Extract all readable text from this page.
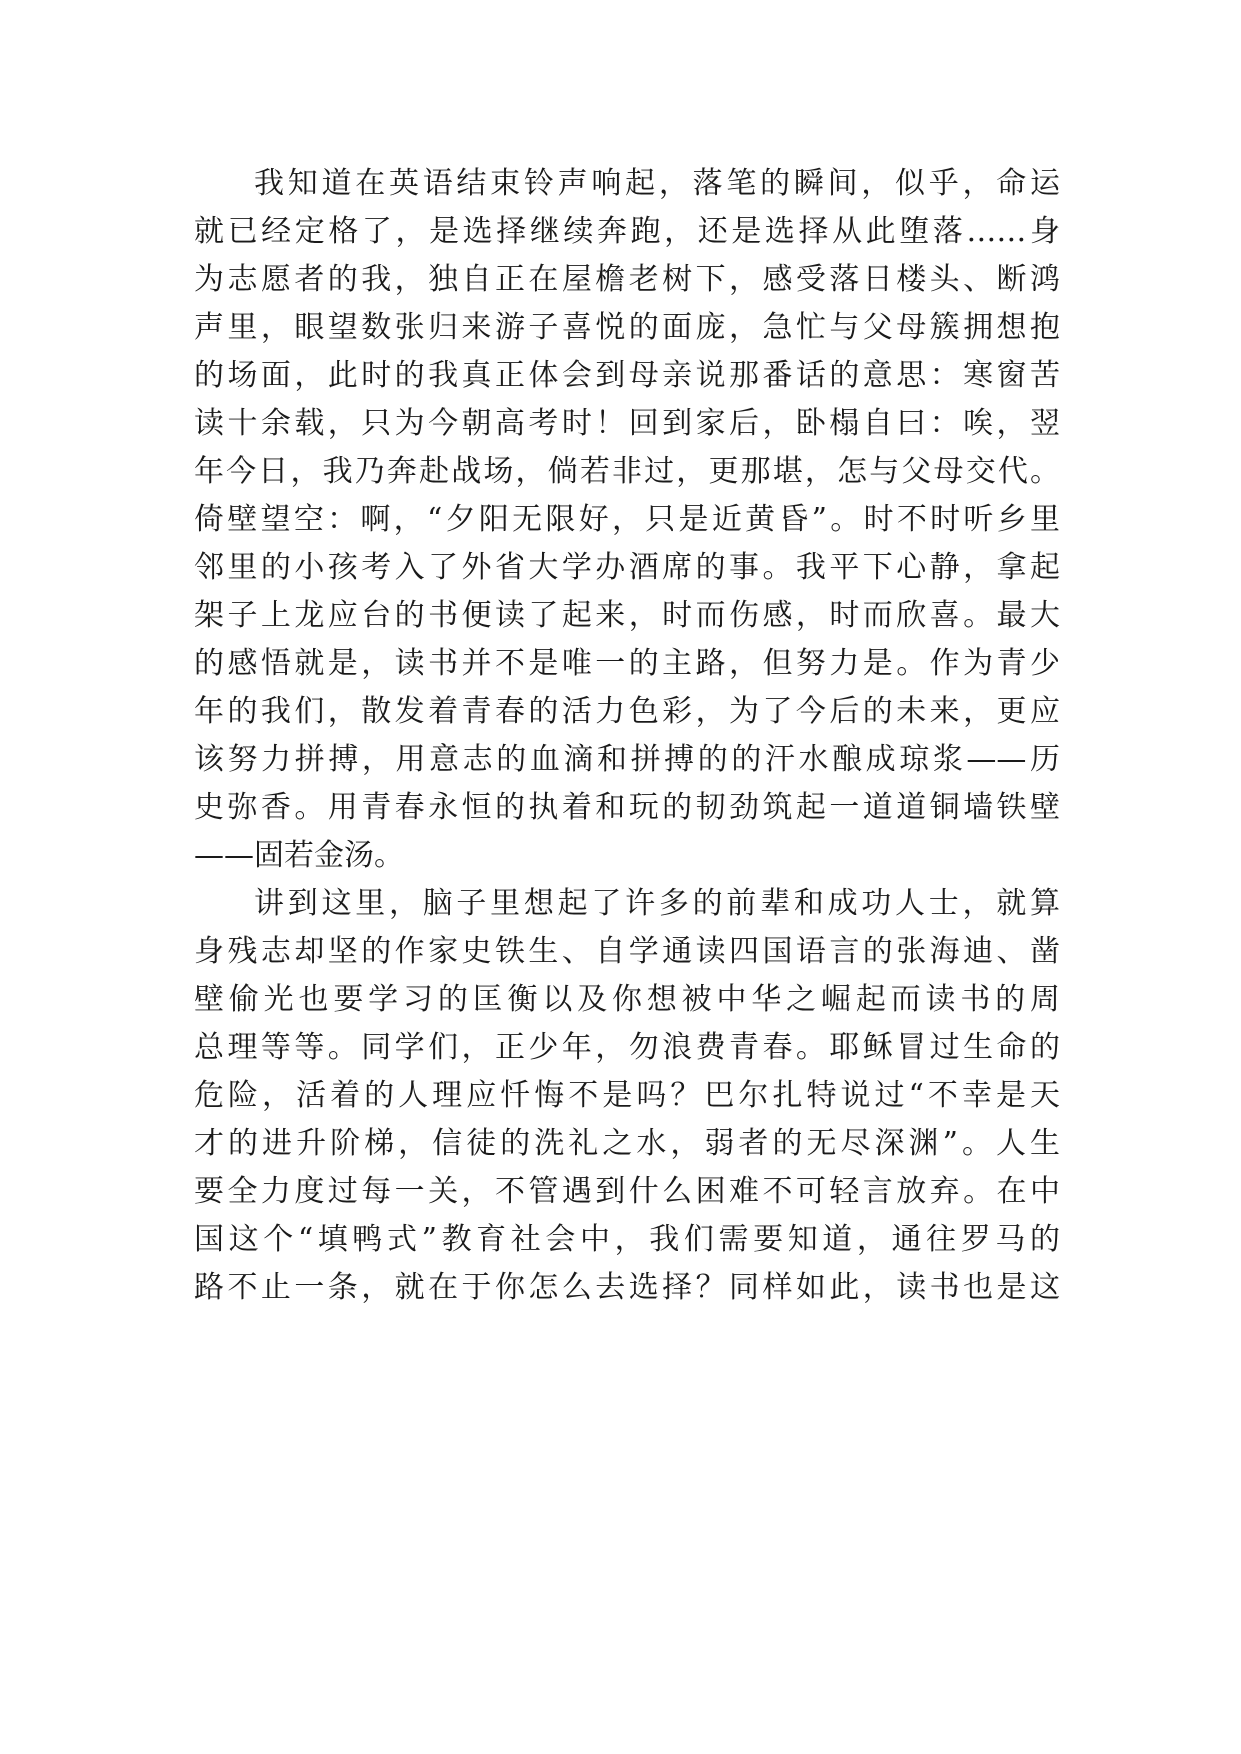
我知道在英语结束铃声响起，落笔的瞬间，似乎，命运
就已经定格了，是选择继续奔跑，还是选择从此堕落……身
为志愿者的我，独自正在屋檐老树下，感受落日楼头、断鸿
声里，眼望数张归来游子喜悦的面庞，急忙与父母簇拥想抱
的场面，此时的我真正体会到母亲说那番话的意思：寒窗苦
读十余载，只为今朝高考时！回到家后，卧榻自曰：唉，翌
年今日，我乃奔赴战场，倘若非过，更那堪，怎与父母交代。
倚壁望空：啊，“夕阳无限好，只是近黄昏”。时不时听乡里
邻里的小孩考入了外省大学办酒席的事。我平下心静，拿起
架子上龙应台的书便读了起来，时而伤感，时而欣喜。最大
的感悟就是，读书并不是唯一的主路，但努力是。作为青少
年的我们，散发着青春的活力色彩，为了今后的未来，更应
该努力拼搏，用意志的血滴和拼搏的的汗水酿成琼浆——历
史弥香。用青春永恒的执着和玩的韧劲筑起一道道铜墙铁壁
——固若金汤。
讲到这里，脑子里想起了许多的前辈和成功人士，就算
身残志却坚的作家史铁生、自学通读四国语言的张海迪、凿
壁偷光也要学习的匡衡以及你想被中华之崛起而读书的周
总理等等。同学们，正少年，勿浪费青春。耶稣冒过生命的
危险，活着的人理应忏悔不是吗？巴尔扎特说过“不幸是天
才的进升阶梯，信徒的洗礼之水，弱者的无尽深渊”。人生
要全力度过每一关，不管遇到什么困难不可轻言放弃。在中
国这个“填鸭式”教育社会中，我们需要知道，通往罗马的
路不止一条，就在于你怎么去选择？同样如此，读书也是这
